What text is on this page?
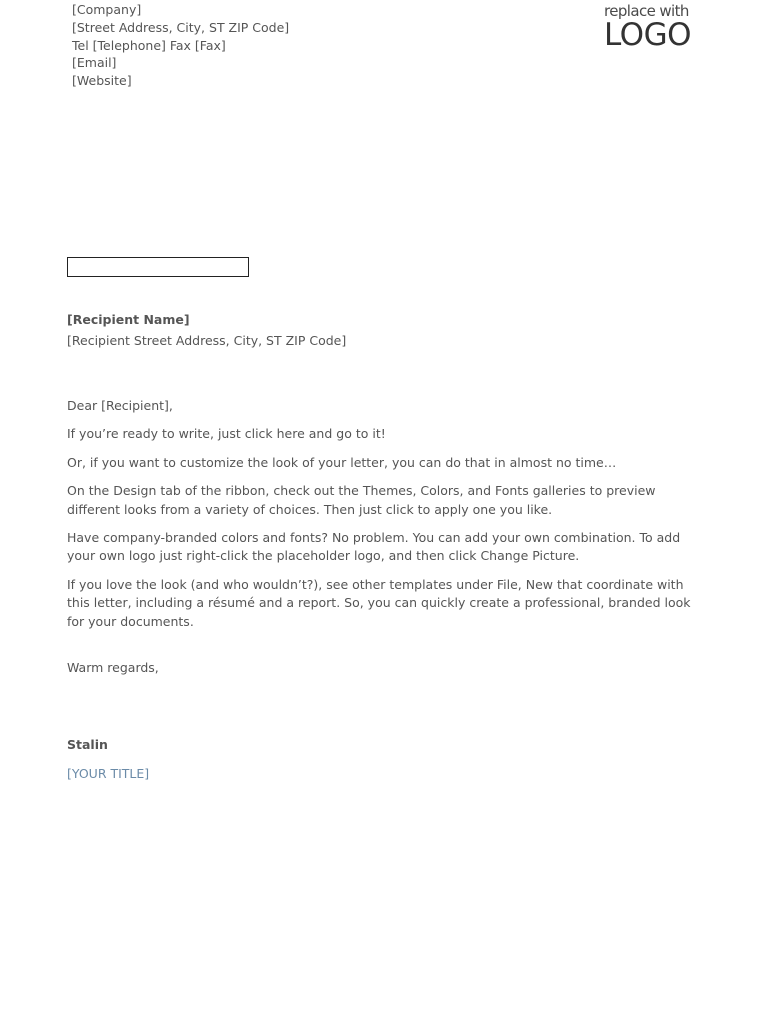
[Company]
[Street Address, City, ST ZIP Code]
Tel [Telephone] Fax [Fax]
[Email]
[Website]
replace with
LOGO
[Recipient Name]
[Recipient Street Address, City, ST ZIP Code]

Dear [Recipient],

If you’re ready to write, just click here and go to it!

Or, if you want to customize the look of your letter, you can do that in almost no time…

On the Design tab of the ribbon, check out the Themes, Colors, and Fonts galleries to preview different looks from a variety of choices. Then just click to apply one you like.

Have company-branded colors and fonts? No problem. You can add your own combination. To add your own logo just right-click the placeholder logo, and then click Change Picture.

If you love the look (and who wouldn’t?), see other templates under File, New that coordinate with this letter, including a résumé and a report. So, you can quickly create a professional, branded look for your documents.

Warm regards,
Stalin
[YOUR TITLE]
